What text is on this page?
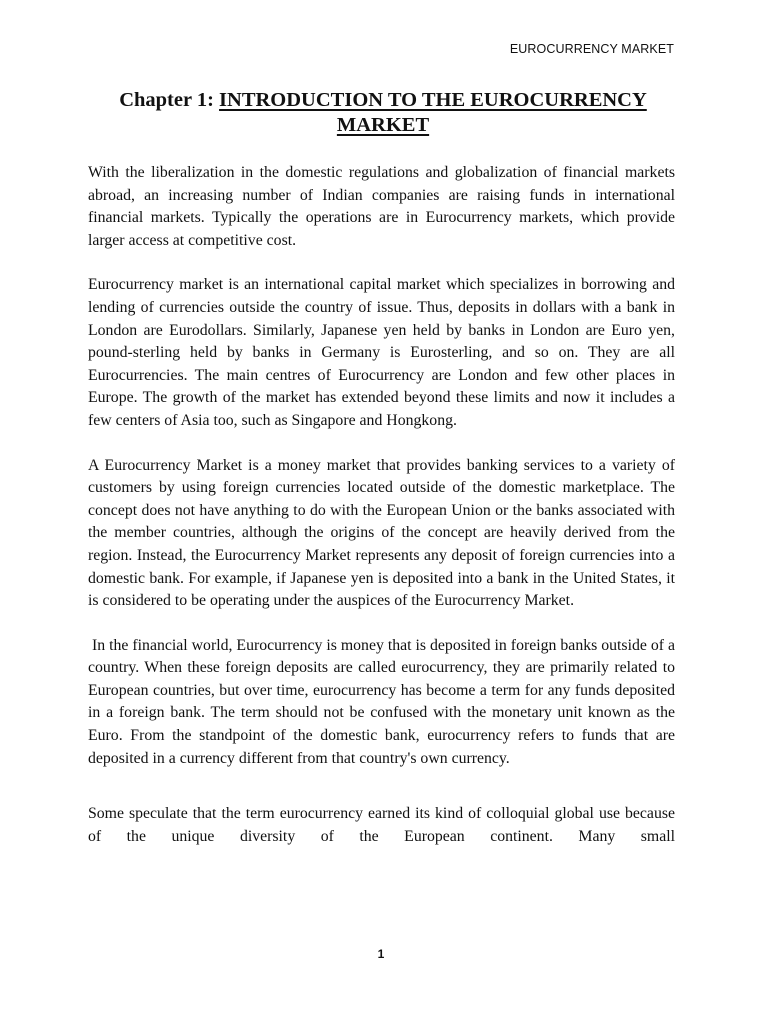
EUROCURRENCY MARKET
Chapter 1: INTRODUCTION TO THE EUROCURRENCY MARKET

With the liberalization in the domestic regulations and globalization of financial markets abroad, an increasing number of Indian companies are raising funds in international financial markets. Typically the operations are in Eurocurrency markets, which provide larger access at competitive cost.

Eurocurrency market is an international capital market which specializes in borrowing and lending of currencies outside the country of issue. Thus, deposits in dollars with a bank in London are Eurodollars. Similarly, Japanese yen held by banks in London are Euro yen, pound-sterling held by banks in Germany is Eurosterling, and so on. They are all Eurocurrencies. The main centres of Eurocurrency are London and few other places in Europe. The growth of the market has extended beyond these limits and now it includes a few centers of Asia too, such as Singapore and Hongkong.

A Eurocurrency Market is a money market that provides banking services to a variety of customers by using foreign currencies located outside of the domestic marketplace. The concept does not have anything to do with the European Union or the banks associated with the member countries, although the origins of the concept are heavily derived from the region. Instead, the Eurocurrency Market represents any deposit of foreign currencies into a domestic bank. For example, if Japanese yen is deposited into a bank in the United States, it is considered to be operating under the auspices of the Eurocurrency Market.

In the financial world, Eurocurrency is money that is deposited in foreign banks outside of a country. When these foreign deposits are called eurocurrency, they are primarily related to European countries, but over time, eurocurrency has become a term for any funds deposited in a foreign bank. The term should not be confused with the monetary unit known as the Euro. From the standpoint of the domestic bank, eurocurrency refers to funds that are deposited in a currency different from that country's own currency.

Some speculate that the term eurocurrency earned its kind of colloquial global use because of the unique diversity of the European continent. Many small

1
